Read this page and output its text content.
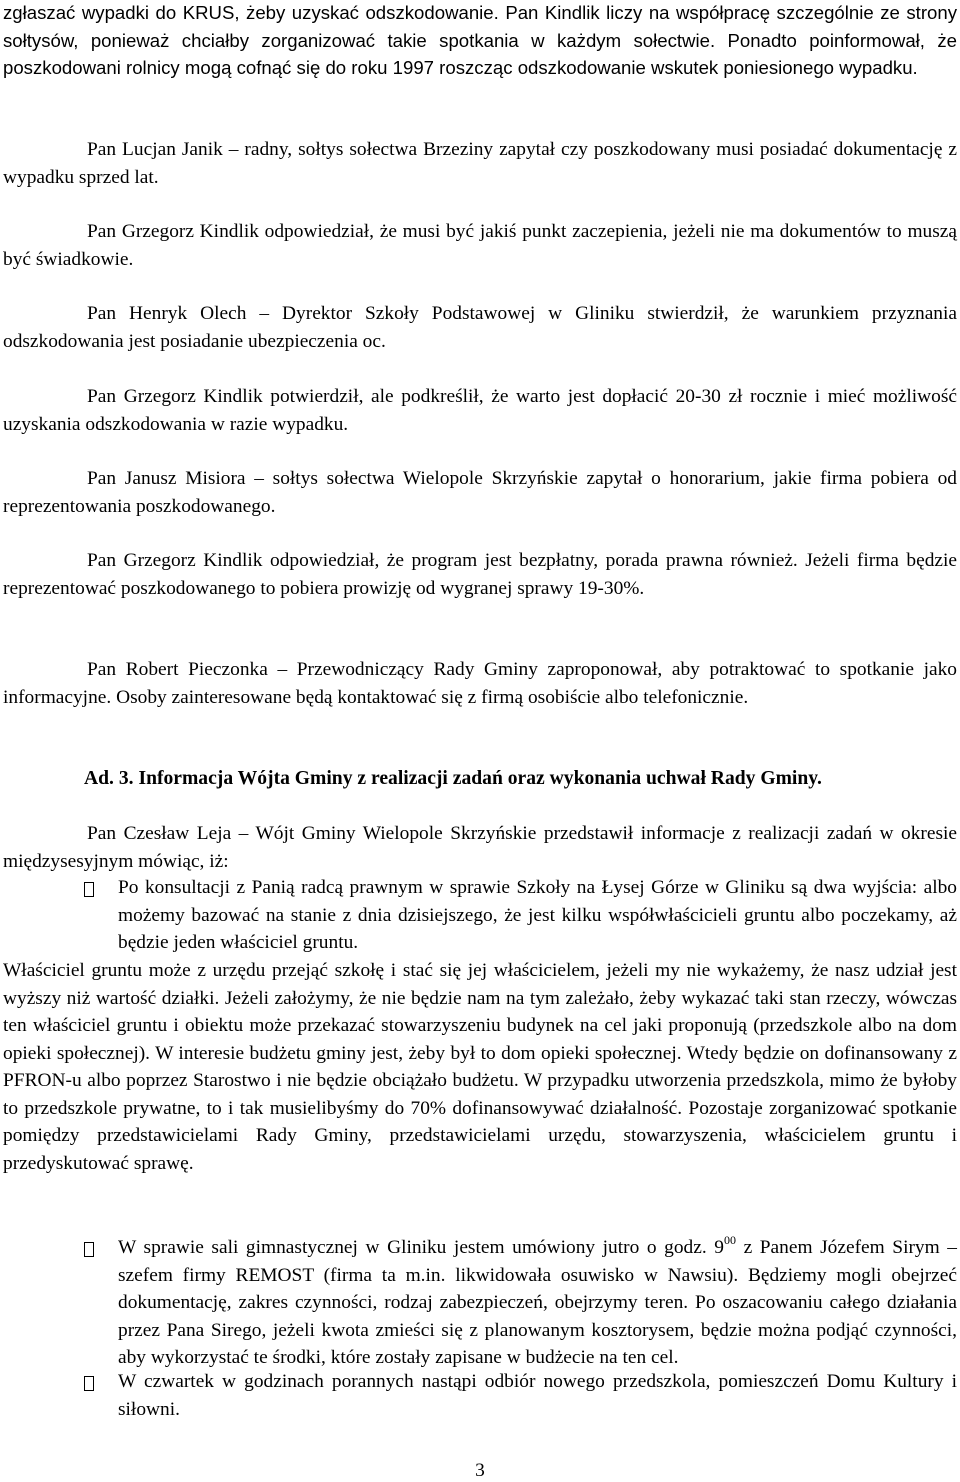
zgłaszać wypadki do KRUS, żeby uzyskać odszkodowanie. Pan Kindlik liczy na współpracę szczególnie ze strony sołtysów, ponieważ chciałby zorganizować takie spotkania w każdym sołectwie. Ponadto poinformował, że poszkodowani rolnicy mogą cofnąć się do roku 1997 roszcząc odszkodowanie wskutek poniesionego wypadku.

Pan Lucjan Janik – radny, sołtys sołectwa Brzeziny zapytał czy poszkodowany musi posiadać dokumentację z wypadku sprzed lat.

Pan Grzegorz Kindlik odpowiedział, że musi być jakiś punkt zaczepienia, jeżeli nie ma dokumentów to muszą być świadkowie.

Pan Henryk Olech – Dyrektor Szkoły Podstawowej w Gliniku stwierdził, że warunkiem przyznania odszkodowania jest posiadanie ubezpieczenia oc.

Pan Grzegorz Kindlik potwierdził, ale podkreślił, że warto jest dopłacić 20-30 zł rocznie i mieć możliwość uzyskania odszkodowania w razie wypadku.

Pan Janusz Misiora – sołtys sołectwa Wielopole Skrzyńskie zapytał o honorarium, jakie firma pobiera od reprezentowania poszkodowanego.

Pan Grzegorz Kindlik odpowiedział, że program jest bezpłatny, porada prawna również. Jeżeli firma będzie reprezentować poszkodowanego to pobiera prowizję od wygranej sprawy 19-30%.

Pan Robert Pieczonka – Przewodniczący Rady Gminy zaproponował, aby potraktować to spotkanie jako informacyjne. Osoby zainteresowane będą kontaktować się z firmą osobiście albo telefonicznie.

Ad. 3. Informacja Wójta Gminy z realizacji zadań oraz wykonania uchwał Rady Gminy.

Pan Czesław Leja – Wójt Gminy Wielopole Skrzyńskie przedstawił informacje z realizacji zadań w okresie międzysesyjnym mówiąc, iż:

Po konsultacji z Panią radcą prawnym w sprawie Szkoły na Łysej Górze w Gliniku są dwa wyjścia: albo możemy bazować na stanie z dnia dzisiejszego, że jest kilku współwłaścicieli gruntu albo poczekamy, aż będzie jeden właściciel gruntu.

Właściciel gruntu może z urzędu przejąć szkołę i stać się jej właścicielem, jeżeli my nie wykażemy, że nasz udział jest wyższy niż wartość działki. Jeżeli założymy, że nie będzie nam na tym zależało, żeby wykazać taki stan rzeczy, wówczas ten właściciel gruntu i obiektu może przekazać stowarzyszeniu budynek na cel jaki proponują (przedszkole albo na dom opieki społecznej). W interesie budżetu gminy jest, żeby był to dom opieki społecznej. Wtedy będzie on dofinansowany z PFRON-u albo poprzez Starostwo i nie będzie obciążało budżetu. W przypadku utworzenia przedszkola, mimo że byłoby to przedszkole prywatne, to i tak musielibyśmy do 70% dofinansowywać działalność. Pozostaje zorganizować spotkanie pomiędzy przedstawicielami Rady Gminy, przedstawicielami urzędu, stowarzyszenia, właścicielem gruntu i przedyskutować sprawę.

W sprawie sali gimnastycznej w Gliniku jestem umówiony jutro o godz. $9^{00}$ z Panem Józefem Sirym – szefem firmy REMOST (firma ta m.in. likwidowała osuwisko w Nawsiu). Będziemy mogli obejrzeć dokumentację, zakres czynności, rodzaj zabezpieczeń, obejrzymy teren. Po oszacowaniu całego działania przez Pana Sirego, jeżeli kwota zmieści się z planowanym kosztorysem, będzie można podjąć czynności, aby wykorzystać te środki, które zostały zapisane w budżecie na ten cel.

W czwartek w godzinach porannych nastąpi odbiór nowego przedszkola, pomieszczeń Domu Kultury i siłowni.

3
